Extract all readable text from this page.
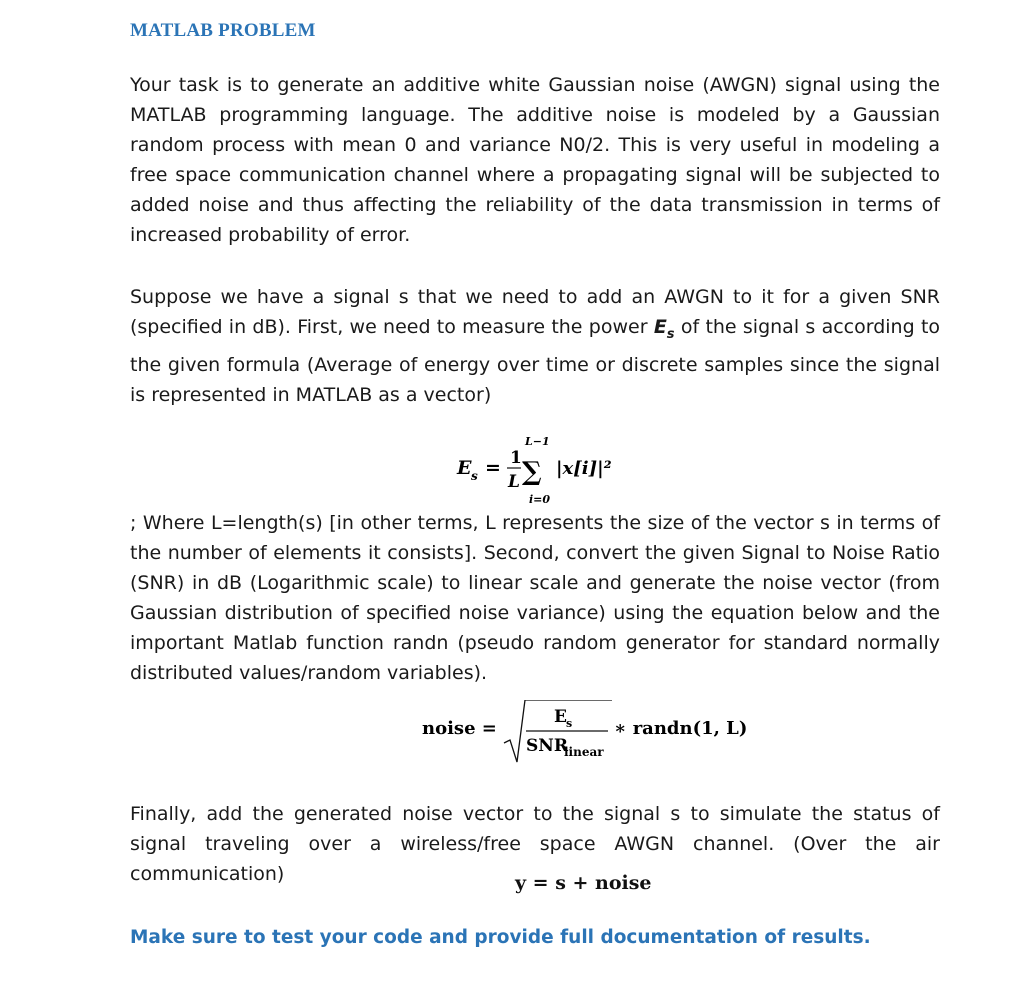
MATLAB PROBLEM
Your task is to generate an additive white Gaussian noise (AWGN) signal using the MATLAB programming language. The additive noise is modeled by a Gaussian random process with mean 0 and variance N0/2. This is very useful in modeling a free space communication channel where a propagating signal will be subjected to added noise and thus affecting the reliability of the data transmission in terms of increased probability of error.
Suppose we have a signal s that we need to add an AWGN to it for a given SNR (specified in dB). First, we need to measure the power $E_s$ of the signal s according to the given formula (Average of energy over time or discrete samples since the signal is represented in MATLAB as a vector)
E s = 1
L ∑
L−1
i=0
|x[i]|²
; Where L=length(s) [in other terms, L represents the size of the vector s in terms of the number of elements it consists]. Second, convert the given Signal to Noise Ratio (SNR) in dB (Logarithmic scale) to linear scale and generate the noise vector (from Gaussian distribution of specified noise variance) using the equation below and the important Matlab function randn (pseudo random generator for standard normally distributed values/random variables).
noise =
E s
SNR
linear
∗ randn(1, L)
Finally, add the generated noise vector to the signal s to simulate the status of signal traveling over a wireless/free space AWGN channel. (Over the air communication)	y = s + noise
Make sure to test your code and provide full documentation of results.
